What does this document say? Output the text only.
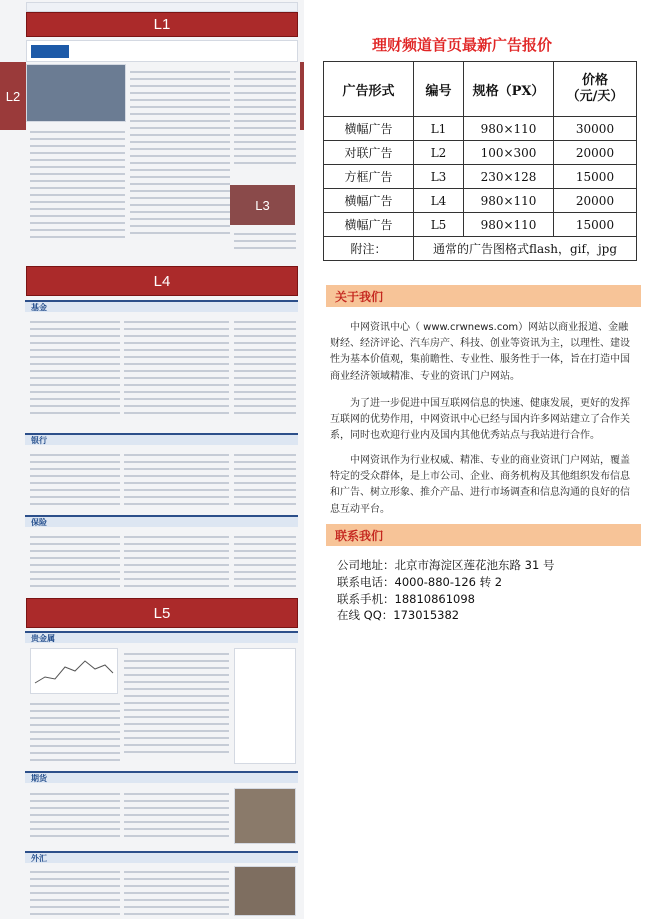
L1
L2
L3
L4
基金
银行
保险
L5
贵金属
期货
外汇
理财频道首页最新广告报价
广告形式	编号	规格（PX）	价格
（元/天）
横幅广告	L1	980×110	30000
对联广告	L2	100×300	20000
方框广告	L3	230×128	15000
横幅广告	L4	980×110	20000
横幅广告	L5	980×110	15000
附注：	通常的广告图格式flash，gif，jpg		
关于我们
中网资讯中心（ www.crwnews.com）网站以商业报道、金融财经、经济评论、汽车房产、科技、创业等资讯为主，以理性、建设性为基本价值观，集前瞻性、专业性、服务性于一体，旨在打造中国商业经济领域精准、专业的资讯门户网站。
为了进一步促进中国互联网信息的快速、健康发展，更好的发挥互联网的优势作用，中网资讯中心已经与国内许多网站建立了合作关系，同时也欢迎行业内及国内其他优秀站点与我站进行合作。
中网资讯作为行业权威、精准、专业的商业资讯门户网站，覆盖特定的受众群体，是上市公司、企业、商务机构及其他组织发布信息和广告、树立形象、推介产品、进行市场调查和信息沟通的良好的信息互动平台。
联系我们
公司地址：北京市海淀区莲花池东路 31 号
联系电话：4000-880-126 转 2
联系手机：18810861098
在线 QQ：173015382
